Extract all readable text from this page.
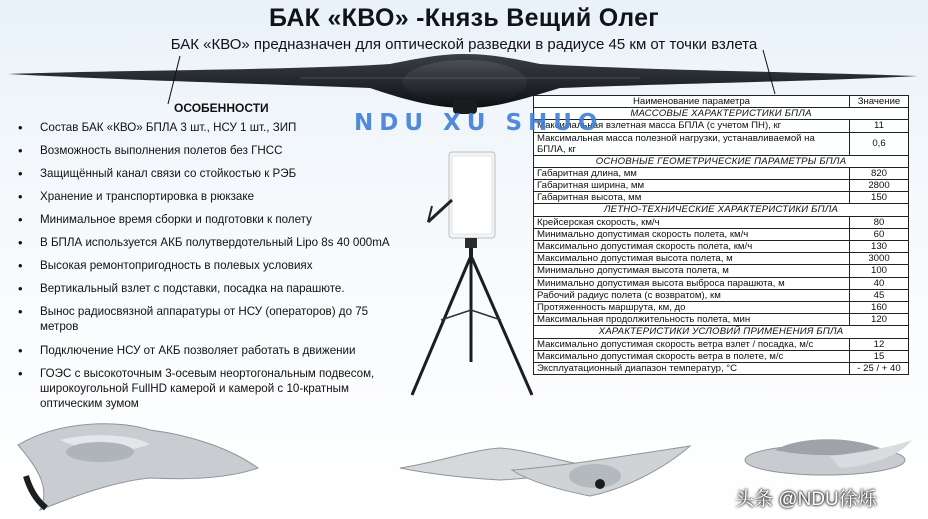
БАК «КВО» -Князь Вещий Олег
БАК «КВО» предназначен для оптической разведки в радиусе 45 км от точки взлета
ОСОБЕННОСТИ
• Состав БАК «КВО» БПЛА 3 шт., НСУ 1 шт., ЗИП
• Возможность выполнения полетов без ГНСС
• Защищённый канал связи со стойкостью к РЭБ
• Хранение и транспортировка в рюкзаке
• Минимальное время сборки и подготовки к полету
• В БПЛА используется АКБ полутвердотельный Lipo 8s 40 000mA
• Высокая ремонтопригодность в полевых условиях
• Вертикальный взлет с подставки, посадка на парашюте.
• Вынос радиосвязной аппаратуры от НСУ (операторов) до 75 метров
• Подключение НСУ от АКБ позволяет работать в движении
• ГОЭС с высокоточным 3-осевым неортогональным подвесом, широкоугольной FullHD камерой и камерой с 10-кратным оптическим зумом
Наименование параметра	Значение
МАССОВЫЕ ХАРАКТЕРИСТИКИ БПЛА	
Максимальная взлетная масса БПЛА (с учетом ПН), кг	11
Максимальная масса полезной нагрузки, устанавливаемой на БПЛА, кг	0,6
ОСНОВНЫЕ ГЕОМЕТРИЧЕСКИЕ ПАРАМЕТРЫ БПЛА	
Габаритная длина, мм	820
Габаритная ширина, мм	2800
Габаритная высота, мм	150
ЛЕТНО-ТЕХНИЧЕСКИЕ ХАРАКТЕРИСТИКИ БПЛА	
Крейсерская скорость, км/ч	80
Минимально допустимая скорость полета, км/ч	60
Максимально допустимая скорость полета, км/ч	130
Максимально допустимая высота полета, м	3000
Минимально допустимая высота полета, м	100
Минимально допустимая высота выброса парашюта, м	40
Рабочий радиус полета (с возвратом), км	45
Протяженность маршрута, км, до	160
Максимальная продолжительность полета, мин	120
ХАРАКТЕРИСТИКИ УСЛОВИЙ ПРИМЕНЕНИЯ БПЛА	
Максимально допустимая скорость ветра взлет / посадка, м/с	12
Максимально допустимая скорость ветра в полете, м/с	15
Эксплуатационный диапазон температур, °С	- 25 / + 40
NDU XU SHUO
头条 @NDU徐烁
